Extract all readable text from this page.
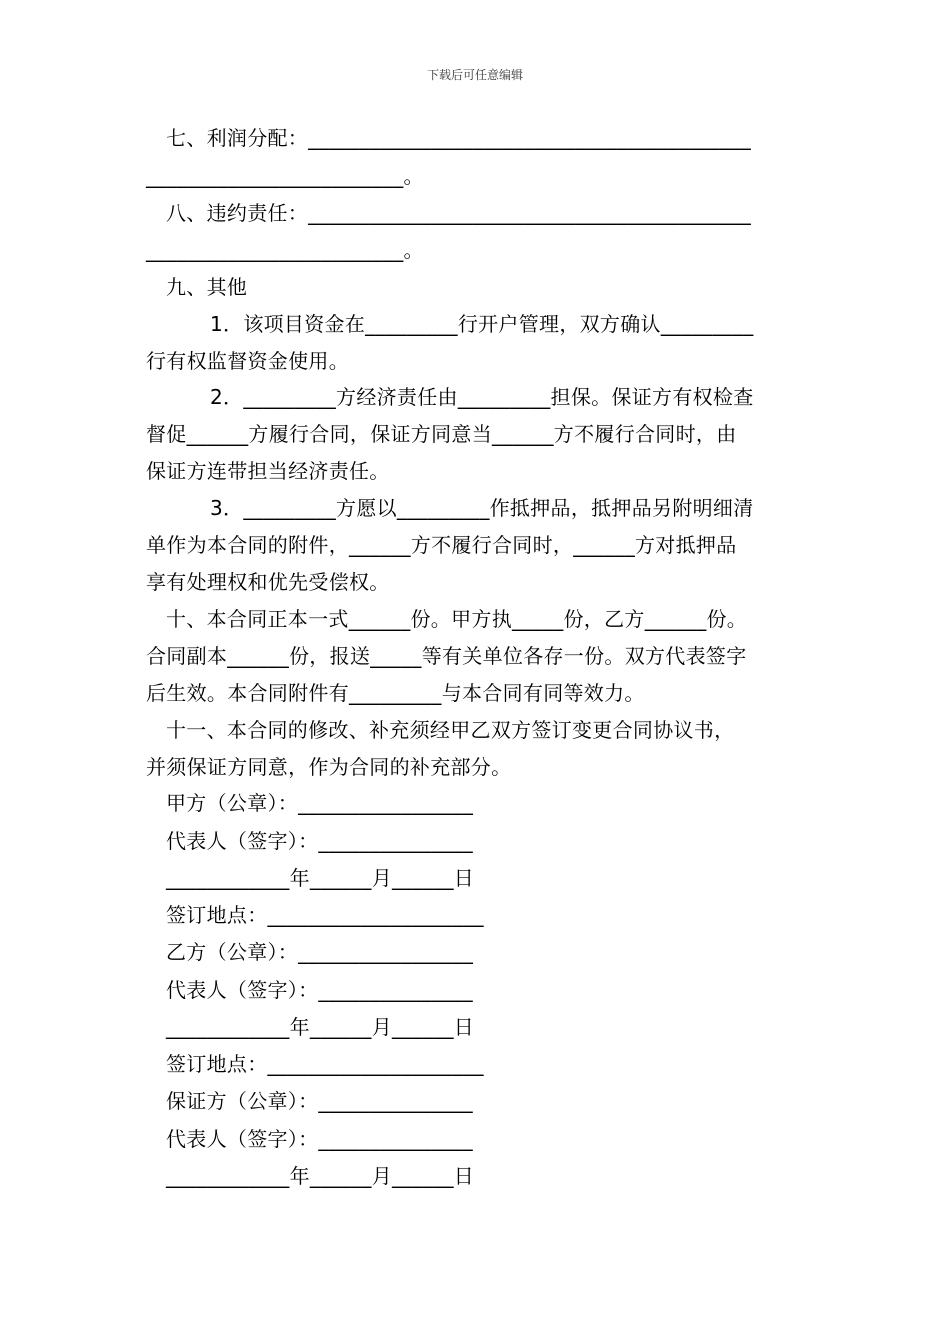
下载后可任意编辑
七、利润分配：___________________________________________
_________________________。
八、违约责任：___________________________________________
_________________________。
九、其他
1．该项目资金在_________行开户管理，双方确认_________
行有权监督资金使用。
2．_________方经济责任由_________担保。保证方有权检查
督促______方履行合同，保证方同意当______方不履行合同时，由
保证方连带担当经济责任。
3．_________方愿以_________作抵押品，抵押品另附明细清
单作为本合同的附件，______方不履行合同时，______方对抵押品
享有处理权和优先受偿权。
十、本合同正本一式______份。甲方执_____份，乙方______份。
合同副本______份，报送_____等有关单位各存一份。双方代表签字
后生效。本合同附件有_________与本合同有同等效力。
十一、本合同的修改、补充须经甲乙双方签订变更合同协议书，
并须保证方同意，作为合同的补充部分。
甲方（公章）：_________________
代表人（签字）：_______________
____________年______月______日
签订地点：_____________________
乙方（公章）：_________________
代表人（签字）：_______________
____________年______月______日
签订地点：_____________________
保证方（公章）：_______________
代表人（签字）：_______________
____________年______月______日
